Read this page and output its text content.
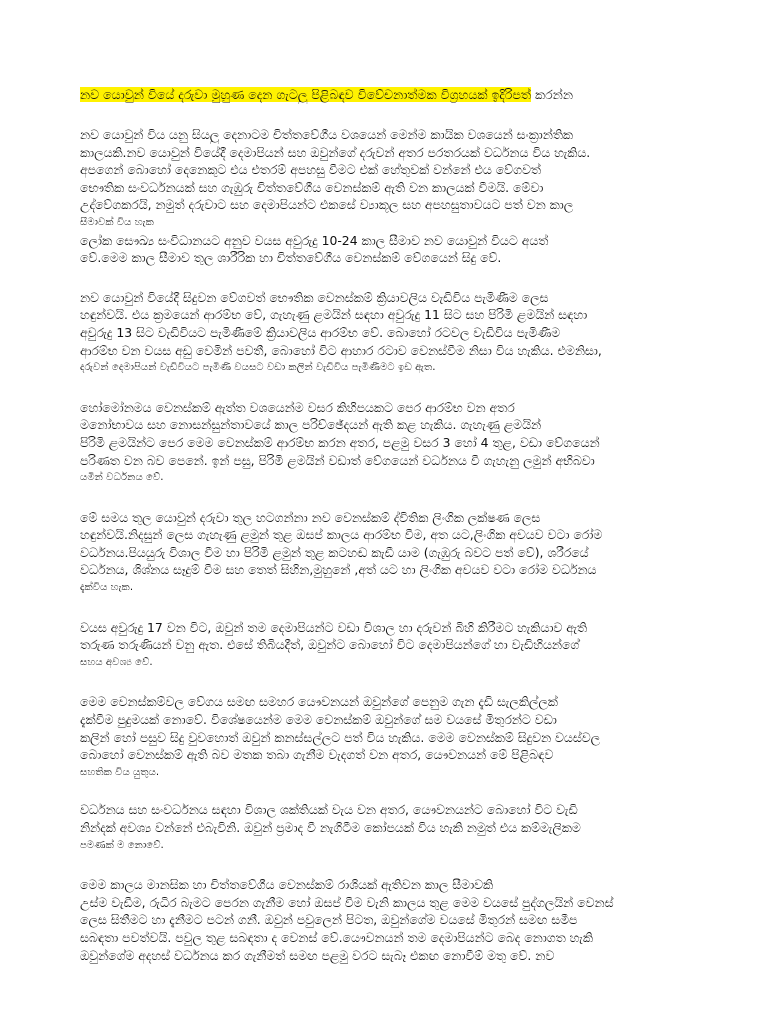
නව යොවුන් වියේ දරුවා මුහුණ දෙන ගැටලු පිළිබඳව විවේචනාත්මක විග්‍රහයක් ඉදිරිපත් කරන්න
නව යොවුන් විය යනු සියලු දෙනාටම චිත්තවේගීය වශයෙන් මෙන්ම කායික වශයෙන් සංක්‍රාන්තික
කාලයකි.නව යොවුන් වියේදී දෙමාපියන් සහ ඔවුන්ගේ දරුවන් අතර පරතරයක් වර්ධනය විය හැකිය.
අපගෙන් බොහෝ දෙනෙකුට එය එතරම් අපහසු වීමට එක් හේතුවක් වන්නේ එය වේගවත්
භෞතික සංවර්ධනයක් සහ ගැඹුරු චිත්තවේගීය වෙනස්කම් ඇති වන කාලයක් වීමයි. මේවා
උද්වේගකරයි, නමුත් දරුවාට සහ දෙමාපියන්ට එකසේ ව්‍යාකූල සහ අපහසුතාවයට පත් වන කාල
සීමාවක් විය හැක
ලෝක සෞඛ්‍ය සංවිධානයට අනුව වයස අවුරුදු 10-24 කාල සීමාව නව යොවුන් වියට අයත්
වේ.මෙම කාල සීමාව තුල ශාරීරික හා චිත්තවේගීය වෙනස්කම් වේගයෙන් සිදු වේ.
නව යොවුන් වියේදී සිදුවන වේගවත් භෞතික වෙනස්කම් ක්‍රියාවලිය වැඩිවිය පැමිණීම ලෙස
හඳුන්වයි. එය ක්‍රමයෙන් ආරම්භ වේ, ගැහැණු ළමයින් සඳහා අවුරුදු 11 සිට සහ පිරිමි ළමයින් සඳහා
අවුරුදු 13 සිට වැඩිවියට පැමිණීමේ ක්‍රියාවලිය ආරම්භ වේ. බොහෝ රටවල වැඩිවිය පැමිණීම
ආරම්භ වන වයස අඩු වෙමින් පවතී, බොහෝ විට ආහාර රටාව වෙනස්වීම නිසා විය හැකිය. එමනිසා,
දරුවන් දෙමාපියන් වැඩිවියට පැමිණි වයසට වඩා කලින් වැඩිවිය පැමිණීමට ඉඩ ඇත.
හෝමෝනමය වෙනස්කම් ඇත්ත වශයෙන්ම වසර කිහිපයකට පෙර ආරම්භ වන අතර
මනෝභාවය සහ නොසන්සුන්තාවයේ කාල පරිච්ඡේදයන් ඇති කළ හැකිය. ගැහැණු ළමයින්
පිරිමි ළමයින්ට පෙර මෙම වෙනස්කම් ආරම්භ කරන අතර, පළමු වසර 3 හෝ 4 තුළ, වඩා වේගයෙන්
පරිණත වන බව පෙනේ. ඉන් පසු, පිරිමි ළමයින් වඩාත් වේගයෙන් වර්ධනය වී ගැහැනු ලමුන් අභිබවා
යමින් වර්ධනය වේ.
මේ සමය තුල යොවුන් දරුවා තුල හටගන්නා නව වෙනස්කම් ද්විතික ලිංගික ලක්ෂණ ලෙස
හඳුන්වයි.නිදසුන් ලෙස ගැහැණු ළමුන් තුළ ඔසප් කාලය ආරම්භ වීම, අත යට,ලිංගික අවයව වටා රෝම
වර්ධනය.පියයුරු විශාල වීම හා පිරිමි ළමුන් තුළ කටහඬ කැඩී යාම (ගැඹුරු බවට පත් වේ), ශරීරයේ
වර්ධනය, ශිශ්නය සෑදුම් වීම සහ තෙත් සිහින,මුහුනේ ,අත් යට හා ලිංගික අවයව වටා රෝම වර්ධනය
දැක්විය හැක.
වයස අවුරුදු 17 වන විට, ඔවුන් තම දෙමාපියන්ට වඩා විශාල හා දරුවන් බිහි කිරීමට හැකියාව ඇති
තරුණ තරුණියන් වනු ඇත. එසේ තිබියදීත්, ඔවුන්ට බොහෝ විට දෙමාපියන්ගේ හා වැඩිහියන්ගේ
සහය අවශ්‍ය වේ.
මෙම වෙනස්කම්වල වේගය සමඟ සමහර යෞවනයන් ඔවුන්ගේ පෙනුම ගැන දැඩි සැලකිල්ලක්
දැක්වීම පුදුමයක් නොවේ. විශේෂයෙන්ම මෙම වෙනස්කම් ඔවුන්ගේ සම වයසේ මිතුරන්ට වඩා
කලින් හෝ පසුව සිදු වුවහොත් ඔවුන් කනස්සල්ලට පත් විය හැකිය. මෙම වෙනස්කම් සිදුවන වයස්වල
බොහෝ වෙනස්කම් ඇති බව මතක තබා ගැනීම වැදගත් වන අතර, යෞවනයන් මේ පිළිබඳව
සහතික විය යුතුය.
වර්ධනය සහ සංවර්ධනය සඳහා විශාල ශක්තියක් වැය වන අතර, යෞවනයන්ට බොහෝ විට වැඩි
නින්දක් අවශ්‍ය වන්නේ එබැවිනි. ඔවුන් ප්‍රමාද වී නැගිටීම කෝපයක් විය හැකි නමුත් එය කම්මැලිකම
පමණක් ම නොවේ.
මෙම කාලය මානසික හා චිත්තවේගීය වෙනස්කම් රාශියක් ඇතිවන කාල සීමාවකි
උස්ම වැඩීම, රුධිර බැමට පෙරන ගැනීම හෝ ඔසප් වීම වැනි කාලය තුළ මෙම වයසේ පුද්ගලයින් වෙනස්
ලෙස සිතීමට හා දැනීමට පටන් ගනී. ඔවුන් පවුලෙන් පිටත, ඔවුන්ගේම වයසේ මිතුරන් සමඟ සමීප
සබඳතා පවත්වයි. පවුල තුළ සබඳතා ද වෙනස් වේ.යෞවනයන් තම දෙමාපියන්ට බෙද නොගත හැකි
ඔවුන්ගේම අදහස් වර්ධනය කර ගැනීමත් සමඟ පළමු වරට සැබෑ එකඟ නොවීම් මතු වේ. නව
